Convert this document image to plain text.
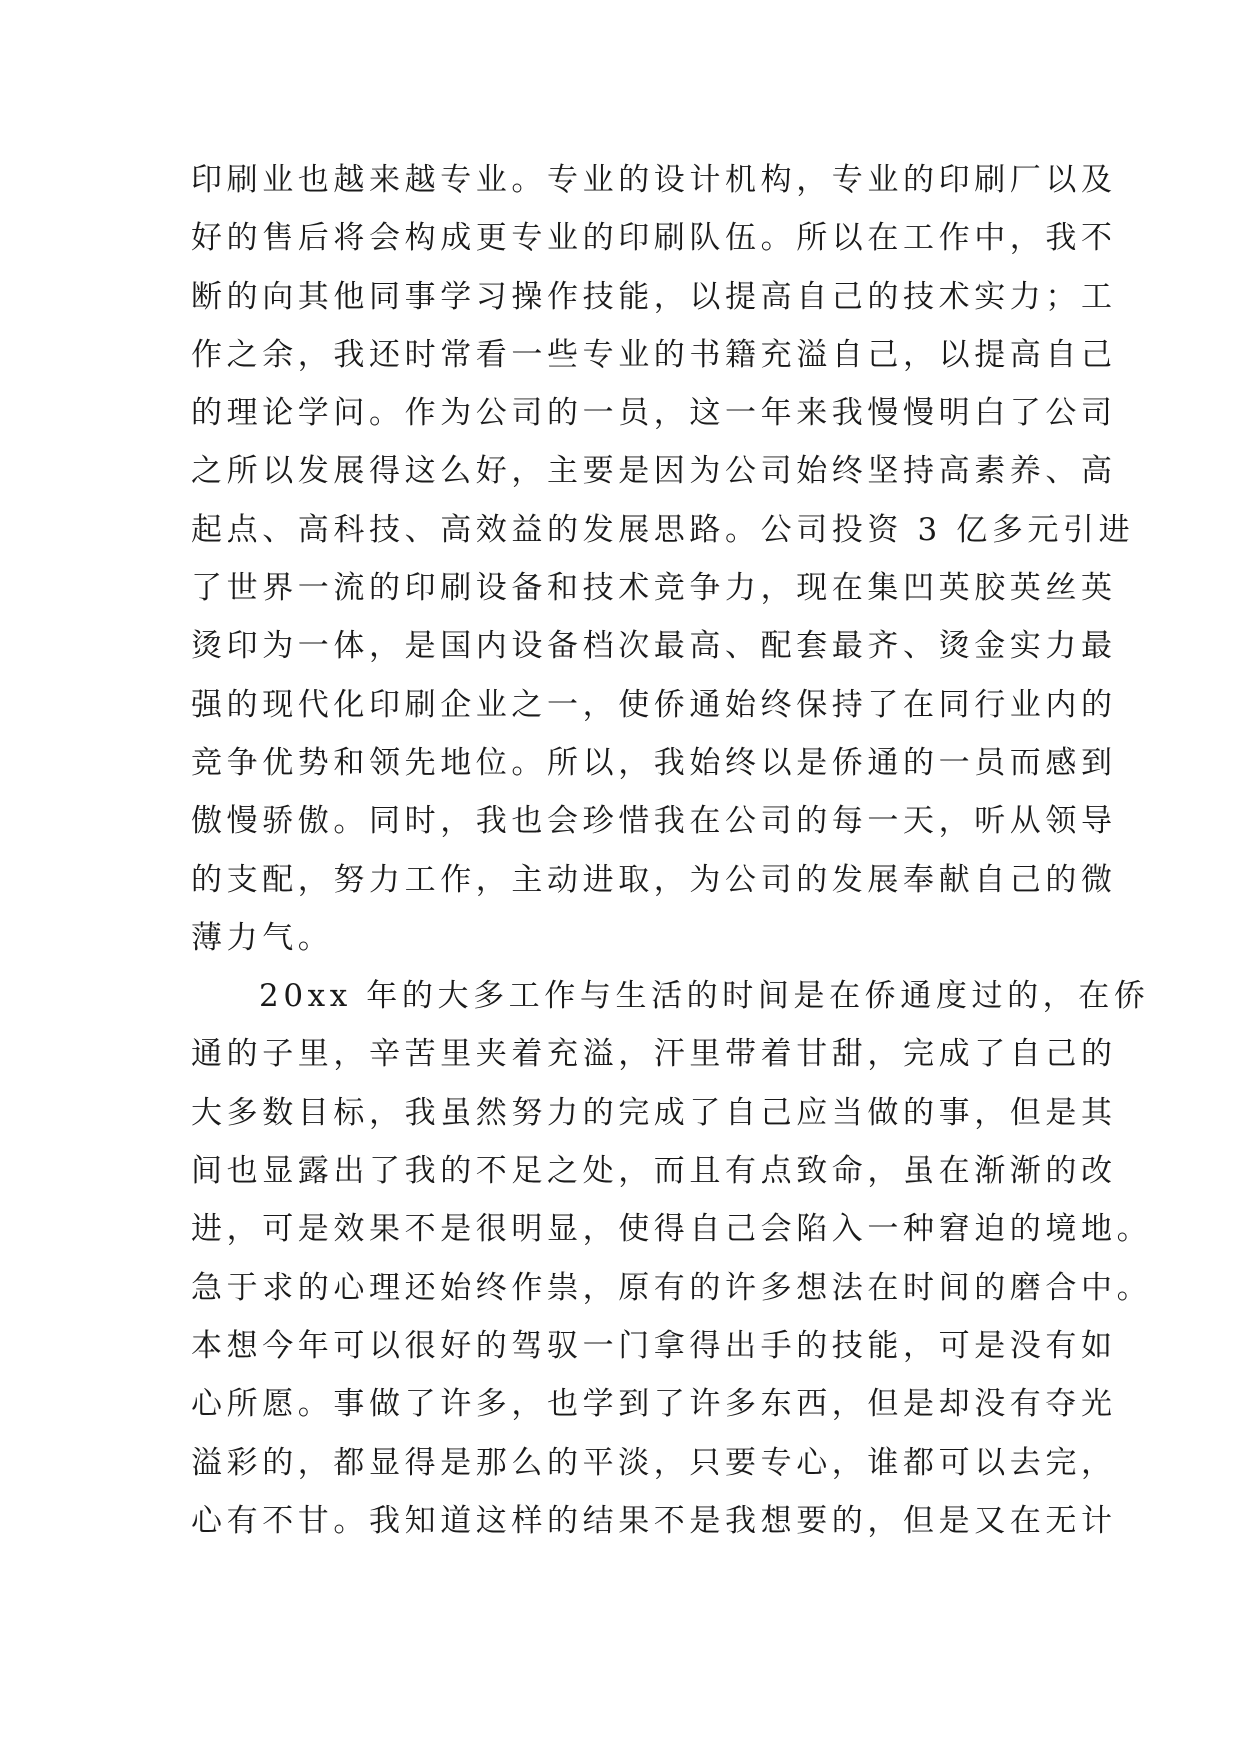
印刷业也越来越专业。专业的设计机构，专业的印刷厂以及
好的售后将会构成更专业的印刷队伍。所以在工作中，我不
断的向其他同事学习操作技能，以提高自己的技术实力；工
作之余，我还时常看一些专业的书籍充溢自己，以提高自己
的理论学问。作为公司的一员，这一年来我慢慢明白了公司
之所以发展得这么好，主要是因为公司始终坚持高素养、高
起点、高科技、高效益的发展思路。公司投资 3 亿多元引进
了世界一流的印刷设备和技术竞争力，现在集凹英胶英丝英
烫印为一体，是国内设备档次最高、配套最齐、烫金实力最
强的现代化印刷企业之一，使侨通始终保持了在同行业内的
竞争优势和领先地位。所以，我始终以是侨通的一员而感到
傲慢骄傲。同时，我也会珍惜我在公司的每一天，听从领导
的支配，努力工作，主动进取，为公司的发展奉献自己的微
薄力气。
20xx 年的大多工作与生活的时间是在侨通度过的，在侨
通的子里，辛苦里夹着充溢，汗里带着甘甜，完成了自己的
大多数目标，我虽然努力的完成了自己应当做的事，但是其
间也显露出了我的不足之处，而且有点致命，虽在渐渐的改
进，可是效果不是很明显，使得自己会陷入一种窘迫的境地。
急于求的心理还始终作祟，原有的许多想法在时间的磨合中。
本想今年可以很好的驾驭一门拿得出手的技能，可是没有如
心所愿。事做了许多，也学到了许多东西，但是却没有夺光
溢彩的，都显得是那么的平淡，只要专心，谁都可以去完，
心有不甘。我知道这样的结果不是我想要的，但是又在无计
